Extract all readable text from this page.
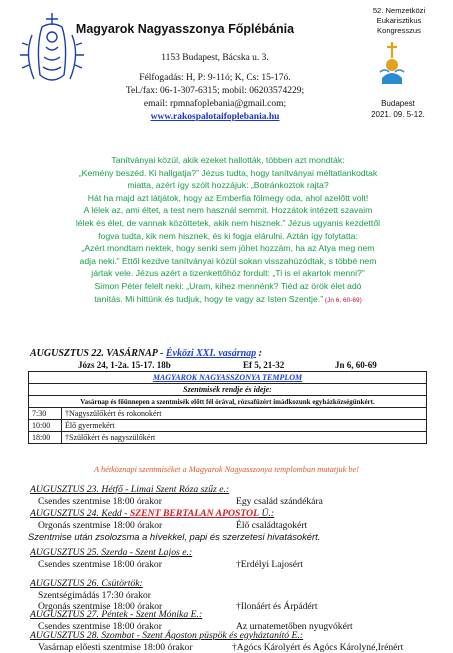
Magyarok Nagyasszonya Főplébánia
1153 Budapest, Bácska u. 3.
Félfogadás: H, P: 9-11ó; K, Cs: 15-17ó.
Tel./fax: 06-1-307-6315; mobil: 06203574229;
email: rpmnafoplebania@gmail.com;
www.rakospalotaifoplebania.hu
52. Nemzetközi
Eukarisztikus
Kongresszus
Budapest
2021. 09. 5-12.
Tanítványai közül, akik ezeket hallották, többen azt mondták:
„Kemény beszéd. Ki hallgatja?” Jézus tudta, hogy tanítványai méltatlankodtak
miatta, azért így szólt hozzájuk: „Botránkoztok rajta?
Hát ha majd azt látjátok, hogy az Emberfia fölmegy oda, ahol azelőtt volt!
A lélek az, ami éltet, a test nem használ semmit. Hozzátok intézett szavaim
lélek és élet, de vannak közöttetek, akik nem hisznek.” Jézus ugyanis kezdettől
fogva tudta, kik nem hisznek, és ki fogja elárulni. Aztán így folytatta:
„Azért mondtam nektek, hogy senki sem jöhet hozzám, ha az Atya meg nem
adja neki.” Ettől kezdve tanítványai közül sokan visszahúzódtak, s többé nem
jártak vele. Jézus azért a tizenkettőhöz fordult: „Ti is el akartok menni?”
Simon Péter felelt neki: „Uram, kihez mennénk? Tiéd az örök élet adó
tanítás. Mi hittünk és tudjuk, hogy te vagy az Isten Szentje.” (Jn 6, 60-69)
AUGUSZTUS 22. VASÁRNAP - Évközi XXI. vasárnap :
Józs 24, 1-2a. 15-17. 18b	Ef 5, 21-32	Jn 6, 60-69
MAGYAROK NAGYASSZONYA TEMPLOM	
Szentmisék rendje és ideje:	
Vasárnap és főünnepen a szentmisék előtt fél órával, rózsafüzért imádkozunk egyházközségünkért.	
7:30	†Nagyszülőkért és rokonokért
10:00	Élő gyermekért
18:00	†Szülőkért és nagyszülőkért
A hétköznapi szentmiséket a Magyarok Nagyasszonya templomban mutatjuk be!
AUGUSZTUS 23. Hétfő - Limai Szent Róza szűz e.:
Csendes szentmise 18:00 órakor	Egy család szándékára
AUGUSZTUS 24. Kedd - SZENT BERTALAN APOSTOL Ü.:
Orgonás szentmise 18:00 órakor	Élő családtagokért
Szentmise után zsolozsma a hívekkel, papi és szerzetesi hivatásokért.
AUGUSZTUS 25. Szerda - Szent Lajos e.:
Csendes szentmise 18:00 órakor	†Erdélyi Lajosért
AUGUSZTUS 26. Csütörtök:
Szentségimádás 17:30 órakor
Orgonás szentmise 18:00 órakor	†Ilonáért és Árpádért
AUGUSZTUS 27. Péntek - Szent Mónika E.:
Csendes szentmise 18:00 órakor	Az urnatemetőben nyugvókért
AUGUSZTUS 28. Szombat - Szent Ágoston püspök és egyháztanító E.:
Vasárnap előesti szentmise 18:00 órakor	†Agócs Károlyért és Agócs Károlyné,Irénért
